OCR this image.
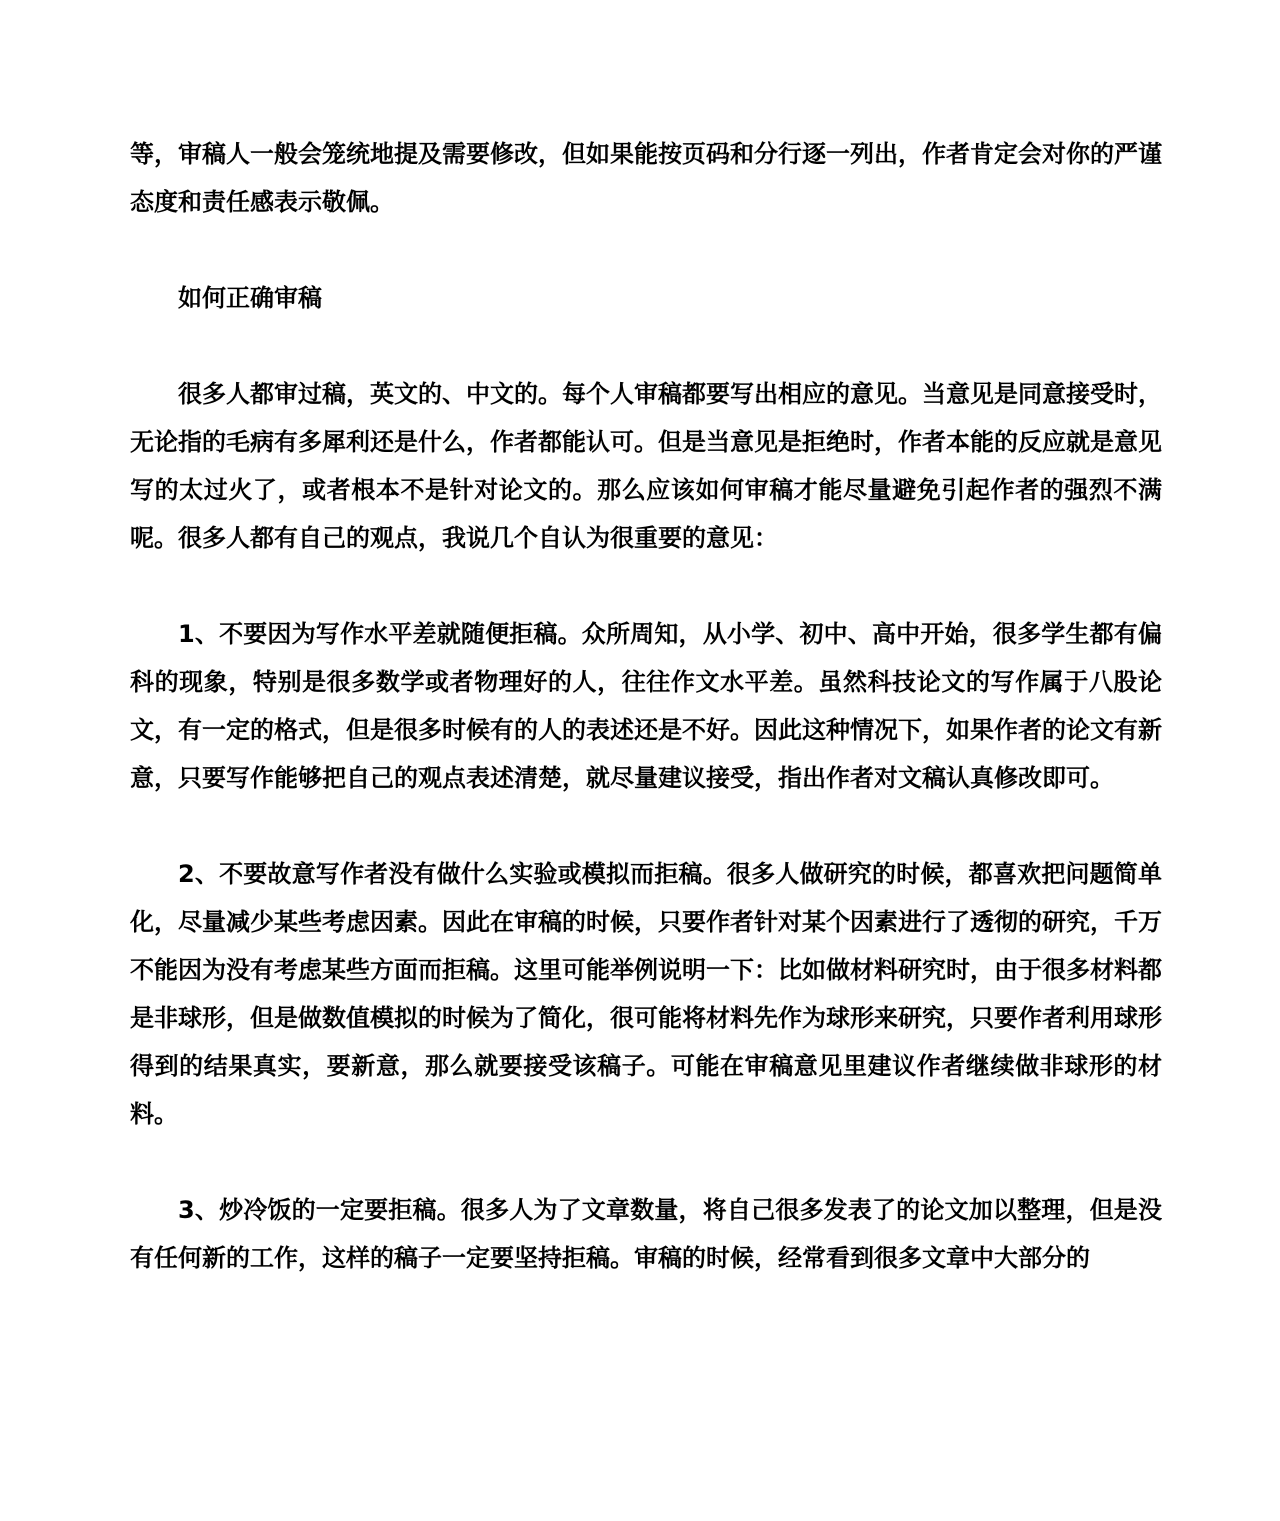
等，审稿人一般会笼统地提及需要修改，但如果能按页码和分行逐一列出，作者肯定会对你的严谨态度和责任感表示敬佩。

如何正确审稿

很多人都审过稿，英文的、中文的。每个人审稿都要写出相应的意见。当意见是同意接受时，无论指的毛病有多犀利还是什么，作者都能认可。但是当意见是拒绝时，作者本能的反应就是意见写的太过火了，或者根本不是针对论文的。那么应该如何审稿才能尽量避免引起作者的强烈不满呢。很多人都有自己的观点，我说几个自认为很重要的意见：

1、不要因为写作水平差就随便拒稿。众所周知，从小学、初中、高中开始，很多学生都有偏科的现象，特别是很多数学或者物理好的人，往往作文水平差。虽然科技论文的写作属于八股论文，有一定的格式，但是很多时候有的人的表述还是不好。因此这种情况下，如果作者的论文有新意，只要写作能够把自己的观点表述清楚，就尽量建议接受，指出作者对文稿认真修改即可。

2、不要故意写作者没有做什么实验或模拟而拒稿。很多人做研究的时候，都喜欢把问题简单化，尽量减少某些考虑因素。因此在审稿的时候，只要作者针对某个因素进行了透彻的研究，千万不能因为没有考虑某些方面而拒稿。这里可能举例说明一下：比如做材料研究时，由于很多材料都是非球形，但是做数值模拟的时候为了简化，很可能将材料先作为球形来研究，只要作者利用球形得到的结果真实，要新意，那么就要接受该稿子。可能在审稿意见里建议作者继续做非球形的材料。

3、炒冷饭的一定要拒稿。很多人为了文章数量，将自己很多发表了的论文加以整理，但是没有任何新的工作，这样的稿子一定要坚持拒稿。审稿的时候，经常看到很多文章中大部分的
